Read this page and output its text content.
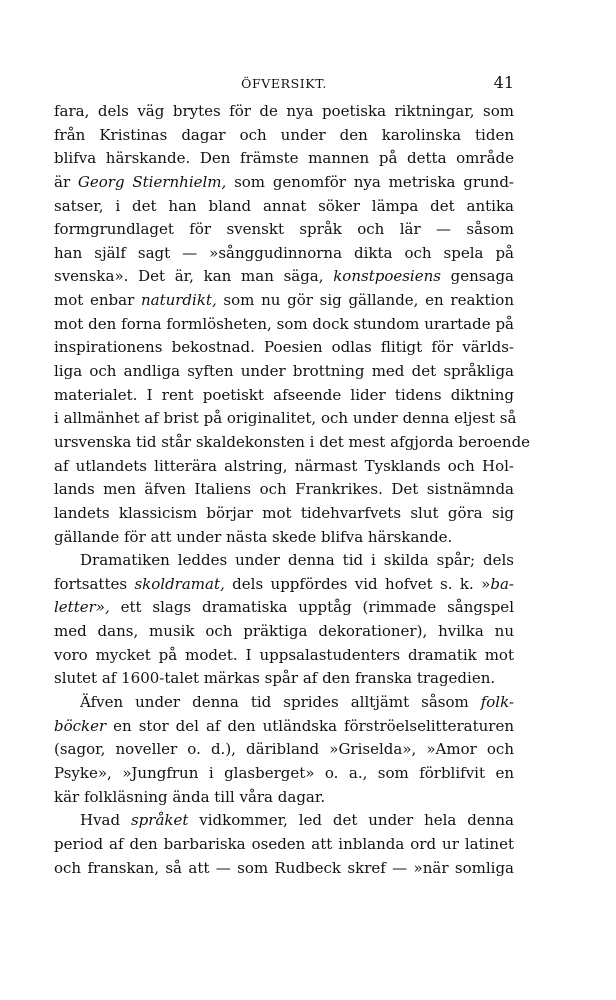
ÖFVERSIKT.	41
fara, dels väg brytes för de nya poetiska riktningar, som
från Kristinas dagar och under den karolinska tiden
blifva härskande. Den främste mannen på detta område
är Georg Stiernhielm, som genomför nya metriska grund-
satser, i det han bland annat söker lämpa det antika
formgrundlaget för svenskt språk och lär — såsom
han själf sagt — »sånggudinnorna dikta och spela på
svenska». Det är, kan man säga, konstpoesiens gensaga
mot enbar naturdikt, som nu gör sig gällande, en reaktion
mot den forna formlösheten, som dock stundom urartade på
inspirationens bekostnad. Poesien odlas flitigt för världs-
liga och andliga syften under brottning med det språkliga
materialet. I rent poetiskt afseende lider tidens diktning
i allmänhet af brist på originalitet, och under denna eljest så
ursvenska tid står skaldekonsten i det mest afgjorda beroende
af utlandets litterära alstring, närmast Tysklands och Hol-
lands men äfven Italiens och Frankrikes. Det sistnämnda
landets klassicism börjar mot tidehvarfvets slut göra sig
gällande för att under nästa skede blifva härskande.
Dramatiken leddes under denna tid i skilda spår; dels
fortsattes skoldramat, dels uppfördes vid hofvet s. k. »ba-
letter», ett slags dramatiska upptåg (rimmade sångspel
med dans, musik och präktiga dekorationer), hvilka nu
voro mycket på modet. I uppsalastudenters dramatik mot
slutet af 1600-talet märkas spår af den franska tragedien.
Äfven under denna tid sprides alltjämt såsom folk-
böcker en stor del af den utländska förströelselitteraturen
(sagor, noveller o. d.), däribland »Griselda», »Amor och
Psyke», »Jungfrun i glasberget» o. a., som förblifvit en
kär folkläsning ända till våra dagar.
Hvad språket vidkommer, led det under hela denna
period af den barbariska oseden att inblanda ord ur latinet
och franskan, så att — som Rudbeck skref — »när somliga
